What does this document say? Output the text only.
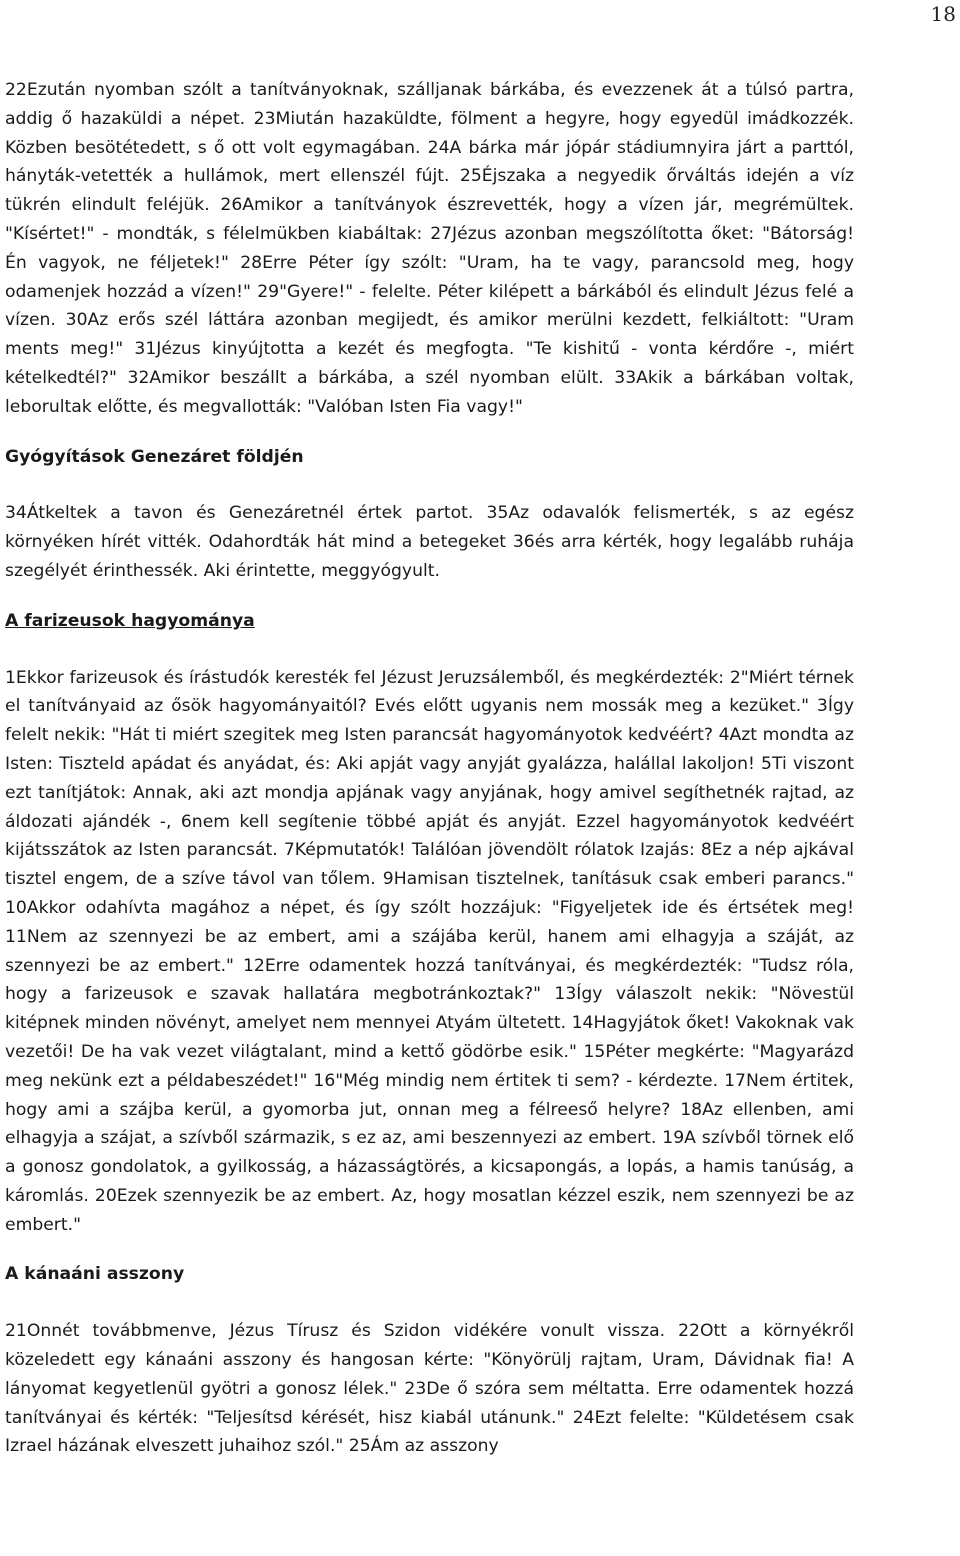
18

22Ezután nyomban szólt a tanítványoknak, szálljanak bárkába, és evezzenek át a túlsó partra, addig ő hazaküldi a népet. 23Miután hazaküldte, fölment a hegyre, hogy egyedül imádkozzék. Közben besötétedett, s ő ott volt egymagában. 24A bárka már jópár stádiumnyira járt a parttól, hányták-vetették a hullámok, mert ellenszél fújt. 25Éjszaka a negyedik őrváltás idején a víz tükrén elindult feléjük. 26Amikor a tanítványok észrevették, hogy a vízen jár, megrémültek. "Kísértet!" - mondták, s félelmükben kiabáltak: 27Jézus azonban megszólította őket: "Bátorság! Én vagyok, ne féljetek!" 28Erre Péter így szólt: "Uram, ha te vagy, parancsold meg, hogy odamenjek hozzád a vízen!" 29"Gyere!" - felelte. Péter kilépett a bárkából és elindult Jézus felé a vízen. 30Az erős szél láttára azonban megijedt, és amikor merülni kezdett, felkiáltott: "Uram ments meg!" 31Jézus kinyújtotta a kezét és megfogta. "Te kishitű - vonta kérdőre -, miért kételkedtél?" 32Amikor beszállt a bárkába, a szél nyomban elült. 33Akik a bárkában voltak, leborultak előtte, és megvallották: "Valóban Isten Fia vagy!"

Gyógyítások Genezáret földjén

34Átkeltek a tavon és Genezáretnél értek partot. 35Az odavalók felismerték, s az egész környéken hírét vitték. Odahordták hát mind a betegeket 36és arra kérték, hogy legalább ruhája szegélyét érinthessék. Aki érintette, meggyógyult.

A farizeusok hagyománya

1Ekkor farizeusok és írástudók keresték fel Jézust Jeruzsálemből, és megkérdezték: 2"Miért térnek el tanítványaid az ősök hagyományaitól? Evés előtt ugyanis nem mossák meg a kezüket." 3Így felelt nekik: "Hát ti miért szegitek meg Isten parancsát hagyományotok kedvéért? 4Azt mondta az Isten: Tiszteld apádat és anyádat, és: Aki apját vagy anyját gyalázza, halállal lakoljon! 5Ti viszont ezt tanítjátok: Annak, aki azt mondja apjának vagy anyjának, hogy amivel segíthetnék rajtad, az áldozati ajándék -, 6nem kell segítenie többé apját és anyját. Ezzel hagyományotok kedvéért kijátsszátok az Isten parancsát. 7Képmutatók! Találóan jövendölt rólatok Izajás: 8Ez a nép ajkával tisztel engem, de a szíve távol van tőlem. 9Hamisan tisztelnek, tanításuk csak emberi parancs." 10Akkor odahívta magához a népet, és így szólt hozzájuk: "Figyeljetek ide és értsétek meg! 11Nem az szennyezi be az embert, ami a szájába kerül, hanem ami elhagyja a száját, az szennyezi be az embert." 12Erre odamentek hozzá tanítványai, és megkérdezték: "Tudsz róla, hogy a farizeusok e szavak hallatára megbotránkoztak?" 13Így válaszolt nekik: "Növestül kitépnek minden növényt, amelyet nem mennyei Atyám ültetett. 14Hagyjátok őket! Vakoknak vak vezetői! De ha vak vezet világtalant, mind a kettő gödörbe esik." 15Péter megkérte: "Magyarázd meg nekünk ezt a példabeszédet!" 16"Még mindig nem értitek ti sem? - kérdezte. 17Nem értitek, hogy ami a szájba kerül, a gyomorba jut, onnan meg a félreeső helyre? 18Az ellenben, ami elhagyja a szájat, a szívből származik, s ez az, ami beszennyezi az embert. 19A szívből törnek elő a gonosz gondolatok, a gyilkosság, a házasságtörés, a kicsapongás, a lopás, a hamis tanúság, a káromlás. 20Ezek szennyezik be az embert. Az, hogy mosatlan kézzel eszik, nem szennyezi be az embert."

A kánaáni asszony

21Onnét továbbmenve, Jézus Tírusz és Szidon vidékére vonult vissza. 22Ott a környékről közeledett egy kánaáni asszony és hangosan kérte: "Könyörülj rajtam, Uram, Dávidnak fia! A lányomat kegyetlenül gyötri a gonosz lélek." 23De ő szóra sem méltatta. Erre odamentek hozzá tanítványai és kérték: "Teljesítsd kérését, hisz kiabál utánunk." 24Ezt felelte: "Küldetésem csak Izrael házának elveszett juhaihoz szól." 25Ám az asszony
